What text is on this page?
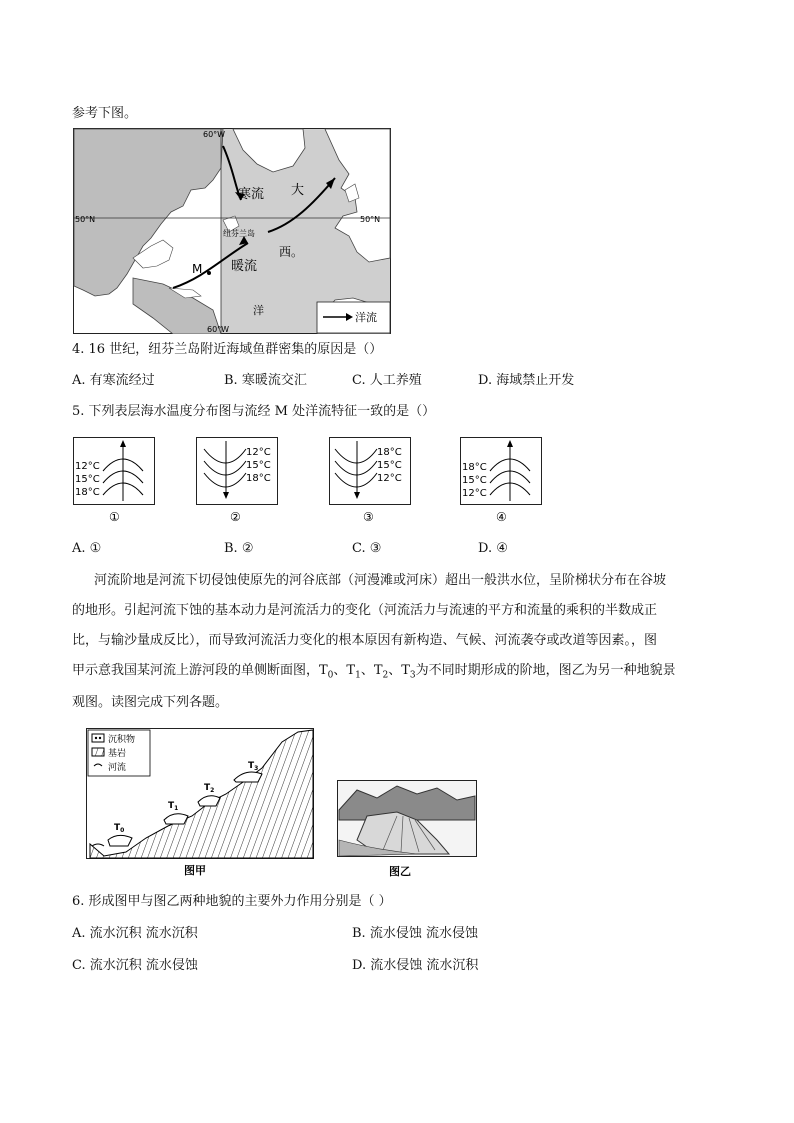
参考下图。
60°W
60°W
50°N	50°N
寒流 大
纽芬兰岛
暖流
西。
洋
M
洋流
4. 16 世纪，纽芬兰岛附近海域鱼群密集的原因是（）
A. 有寒流经过	B. 寒暖流交汇	C. 人工养殖	D. 海域禁止开发
5. 下列表层海水温度分布图与流经 M 处洋流特征一致的是（）
12°C
15°C
18°C
①
12°C
15°C
18°C
②
18°C
15°C
12°C
③
18°C
15°C
12°C
④
A. ①	B. ②	C. ③	D. ④
河流阶地是河流下切侵蚀使原先的河谷底部（河漫滩或河床）超出一般洪水位，呈阶梯状分布在谷坡
的地形。引起河流下蚀的基本动力是河流活力的变化（河流活力与流速的平方和流量的乘积的半数成正
比，与输沙量成反比），而导致河流活力变化的根本原因有新构造、气候、河流袭夺或改道等因素。，图
甲示意我国某河流上游河段的单侧断面图，$T_0$、$T_1$、$T_2$、$T_3$为不同时期形成的阶地，图乙为另一种地貌景
观图。读图完成下列各题。
$T_0$
$T_1$
$T_2$
$T_3$
沉积物
基岩
河流
图甲	图乙
6. 形成图甲与图乙两种地貌的主要外力作用分别是（ ）
A. 流水沉积 流水沉积	B. 流水侵蚀 流水侵蚀
C. 流水沉积 流水侵蚀	D. 流水侵蚀 流水沉积
